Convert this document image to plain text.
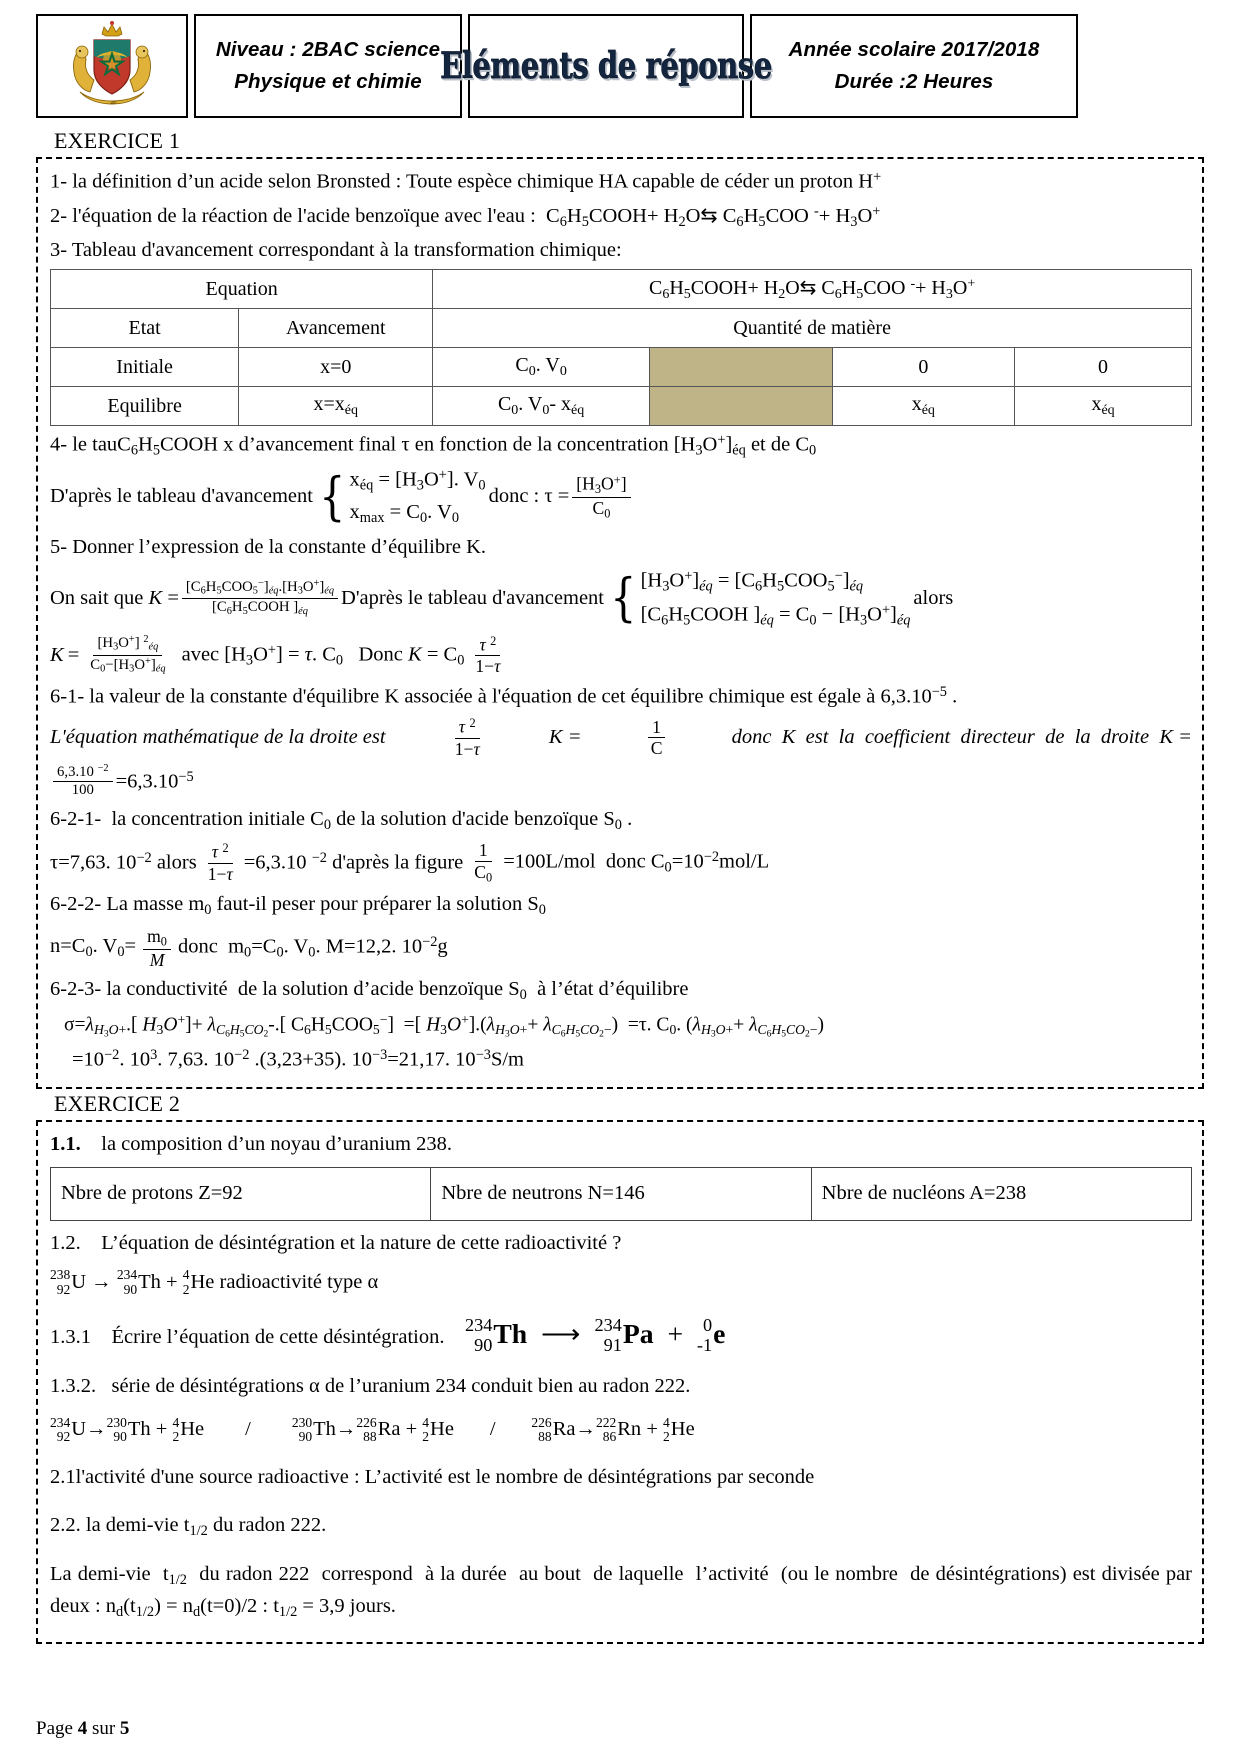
ﷲ
Niveau : 2BAC science
Physique et chimie Eléments de réponse Année scolaire 2017/2018
Durée :2 Heures
EXERCICE 1
1- la définition d’un acide selon Bronsted : Toute espèce chimique HA capable de céder un proton H+
2- l'équation de la réaction de l'acide benzoïque avec l'eau :  $C_6H_5COOH+$ $H_2O⇆$ $C_6H_5COO$ $^-+ H_3O^+$
3- Tableau d'avancement correspondant à la transformation chimique:
Equation		$C_6H_5COOH+$ $H_2O⇆$ $C_6H_5COO$ $^-+ H_3O^+$
Etat	Avancement	Quantité de matière			
Initiale	x=0	$C_0$. $V_0$		0	0
Equilibre	$x=x_{éq}$	$C_0$. $V_0-$ $x_{éq}$		$x_{éq}$	$x_{éq}$
4- le $tauC_6H_5COOH$ x d’avancement final τ en fonction de la concentration $[H_3O^+]_{éq}$ et de $C_0$
D'après le tableau d'avancement { $x_{éq} = [H_3O^+]$. $V_0$
$x_{max} = C_0$. $V_0$
donc : $\tau = \frac{[H_3O^+]}{C_0}$
5- Donner l’expression de la constante d’équilibre K.
On sait que $K = \frac{[C_6H_5COO_5^-]_{éq}.[H_3O^+]_{éq}}{[C_6H_5COOH ]_{éq}}$ D'après le tableau d'avancement { $[H_3O^+]_{éq} = [C_6H_5COO_5^-]_{éq}$
[$C_6H_5COOH$ ]$_{éq} = C_0 - [H_3O^+]_{éq}$
alors
$K = \frac{[H_3O^+] ^2_{éq}}{C_0-[H_3O^+]_{éq}}$ avec $[H_3O^+] = \tau$. $C_0$   Donc $K = C_0 \frac{\tau ^2}{1-\tau}$
6-1- la valeur de la constante d'équilibre K associée à l'équation de cet équilibre chimique est égale à $6,3.10^{-5}$ .
L'équation mathématique de la droite est	$\frac{\tau ^2}{1-\tau}$	K =	$\frac{1}{C}$	donc  K  est  la  coefficient  directeur  de  la  droite  K =
$\frac{6,3.10 ^{-2}}{100} =6,3.10^{-5}$
6-2-1-  la concentration initiale $C_0$ de la solution d'acide benzoïque $S_0$ .
τ=7,63. $10^{-2}$ alors $\frac{\tau ^2}{1-\tau} =6,3.10$ $^{-2}$ d'après la figure $\frac{1}{C_0} =100L/mol$  donc $C_0=10^{-2}mol/L$
6-2-2- La masse $m_0$ faut-il peser pour préparer la solution $S_0$
$n=C_0$. $V_0= \frac{m_0}{M}$ donc  $m_0=C_0$. $V_0$. M=12,2. $10^{-2}g$
6-2-3- la conductivité  de la solution d’acide benzoïque $S_0$  à l’état d’équilibre
$\sigma=\lambda_{H_3O+}$.[ $H_3O^+]+ \lambda_{C_6H_5CO_2}-$.[ $C_6H_5COO_5^-$]  =[ $H_3O^+].(\lambda_{H_3O+}+ \lambda_{C_6H_5CO_2-}) =\tau$. $C_0$. $(\lambda_{H_3O+}+ \lambda_{C_6H_5CO_2-})$
$=10^{-2}$. $10^3$. 7,63. $10^{-2}$ .(3,23+35). $10^{-3}=21,17$. $10^{-3}S/m$
EXERCICE 2
1.1. la composition d’un noyau d’uranium 238.
Nbre de protons Z=92	Nbre de neutrons N=146	Nbre de nucléons A=238
1.2. L’équation de désintégration et la nature de cette radioactivité ?
238
92 U → 234
90 Th + 4
2 He radioactivité type α
1.3.1 Écrire l’équation de cette désintégration.
234
90 Th  ⟶ 234
91 Pa  + 0
-1 e
1.3.2. série de désintégrations α de l’uranium 234 conduit bien au radon 222.
234
92 U→ 230
90 Th + 4
2 He /	230
90 Th→ 226
88 Ra + 4
2 He /	226
88 Ra→ 222
86 Rn + 4
2 He
2.1l'activité d'une source radioactive : L’activité est le nombre de désintégrations par seconde
2.2. la demi-vie $t_{1/2}$ du radon 222.
La demi-vie  $t_{1/2}$  du radon 222  correspond  à la durée  au bout  de laquelle  l’activité  (ou le nombre  de désintégrations) est divisée par deux : $n_d(t_{1/2}) = n_d(t=0)/2$ : $t_{1/2} = 3,9$ jours.
Page 4 sur 5
